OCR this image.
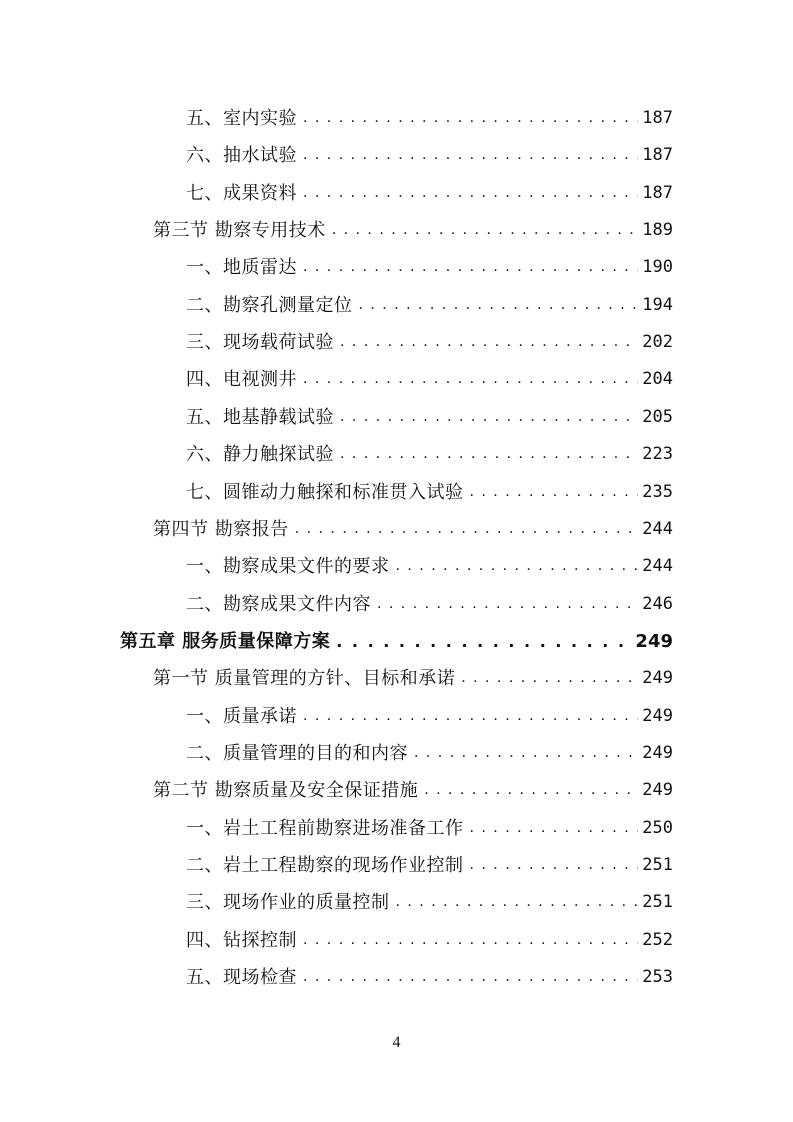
五、室内实验 . . .	187
六、抽水试验 . . .	187
七、成果资料 . . .	187
第三节 勘察专用技术 . . .	189
一、地质雷达 . . .	190
二、勘察孔测量定位 . . .	194
三、现场载荷试验 . . .	202
四、电视测井 . . .	204
五、地基静载试验 . . .	205
六、静力触探试验 . . .	223
七、圆锥动力触探和标准贯入试验 . . .	235
第四节 勘察报告 . . .	244
一、勘察成果文件的要求 . . .	244
二、勘察成果文件内容 . . .	246
第五章 服务质量保障方案 . . .	249
第一节 质量管理的方针、目标和承诺 . . .	249
一、质量承诺 . . .	249
二、质量管理的目的和内容 . . .	249
第二节 勘察质量及安全保证措施 . . .	249
一、岩土工程前勘察进场准备工作 . . .	250
二、岩土工程勘察的现场作业控制 . . .	251
三、现场作业的质量控制 . . .	251
四、钻探控制 . . .	252
五、现场检查 . . .	253
4
